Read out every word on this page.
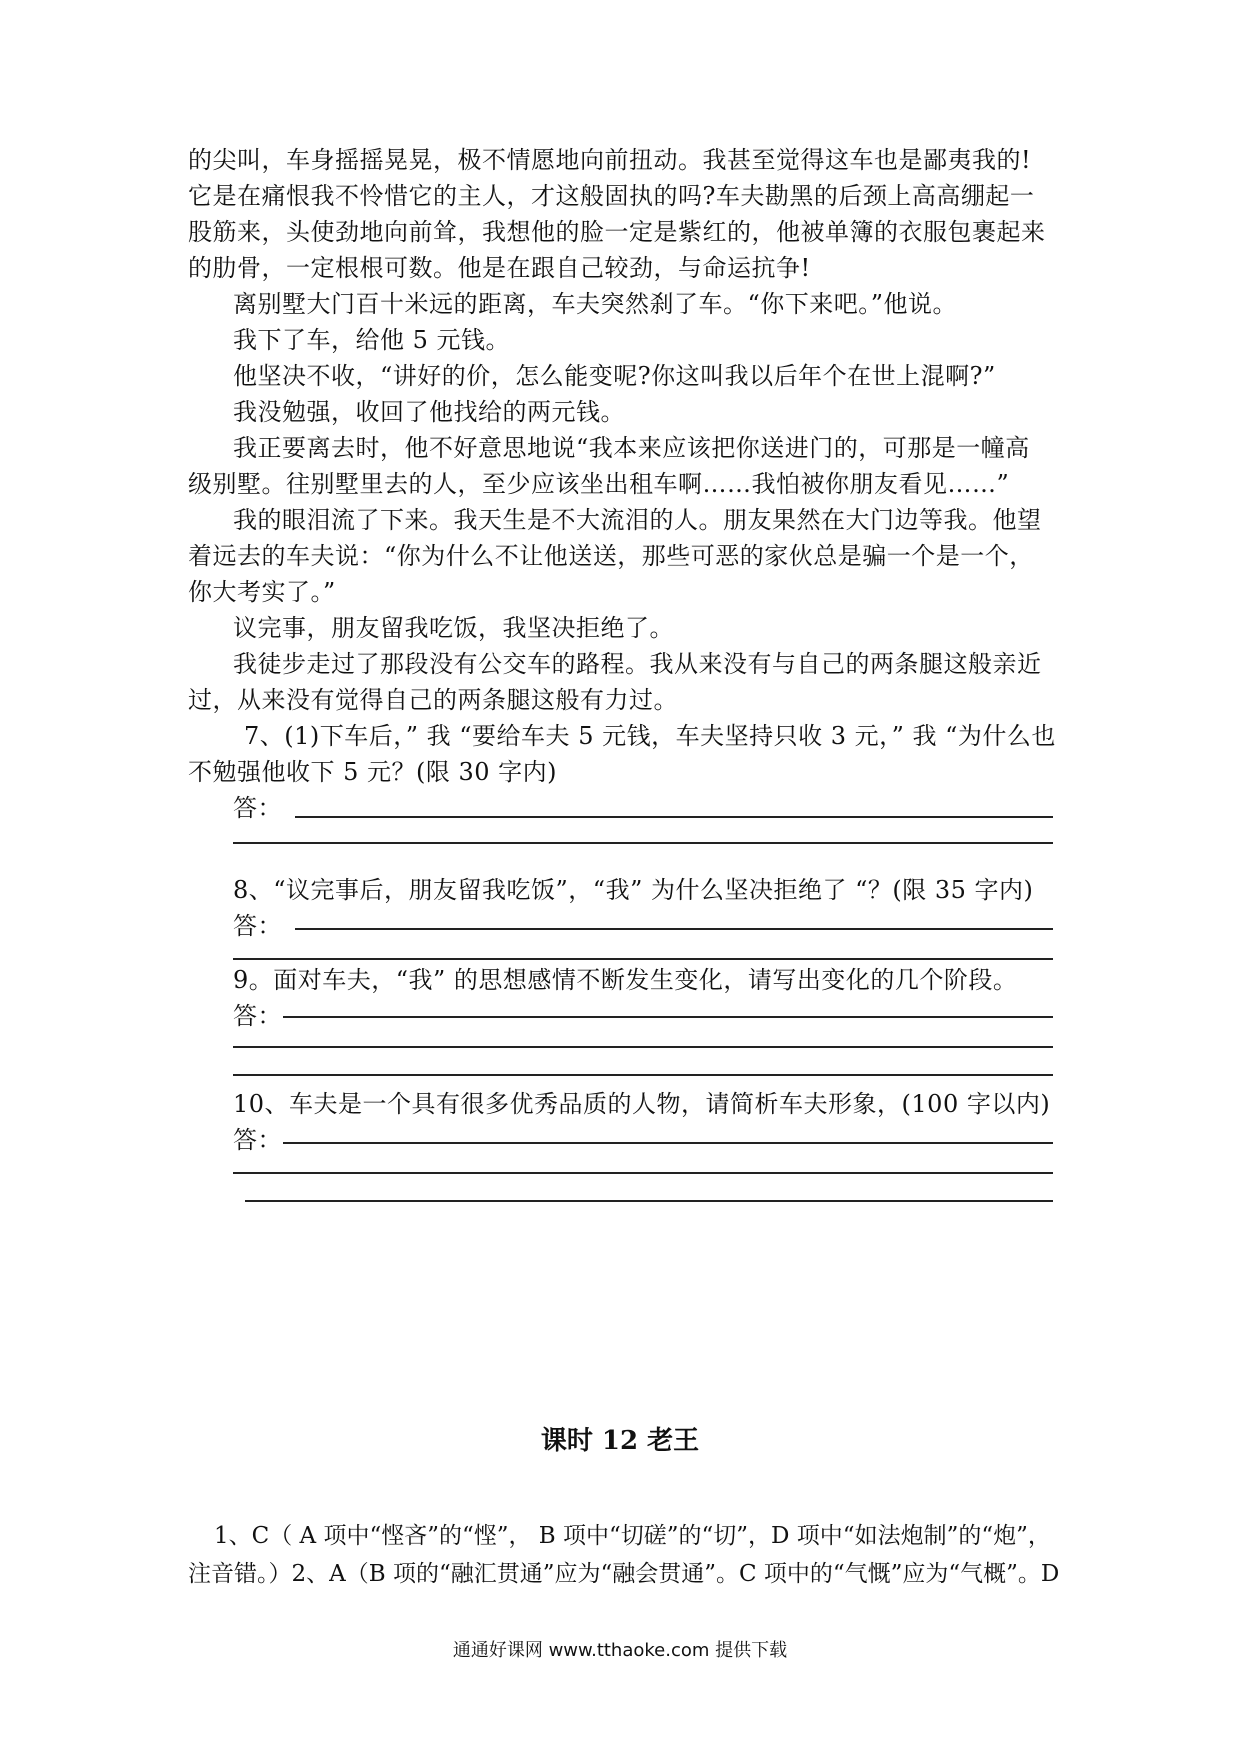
的尖叫，车身摇摇晃晃，极不情愿地向前扭动。我甚至觉得这车也是鄙夷我的!
它是在痛恨我不怜惜它的主人，才这般固执的吗?车夫勘黑的后颈上高高绷起一
股筋来，头使劲地向前耸，我想他的脸一定是紫红的，他被单簿的衣服包裹起来
的肋骨，一定根根可数。他是在跟自己较劲，与命运抗争!
离别墅大门百十米远的距离，车夫突然刹了车。“你下来吧。”他说。
我下了车，给他 5 元钱。
他坚决不收，“讲好的价，怎么能变呢?你这叫我以后年个在世上混啊?”
我没勉强，收回了他找给的两元钱。
我正要离去时，他不好意思地说“我本来应该把你送进门的，可那是一幢高
级别墅。往别墅里去的人，至少应该坐出租车啊……我怕被你朋友看见……”
我的眼泪流了下来。我天生是不大流泪的人。朋友果然在大门边等我。他望
着远去的车夫说：“你为什么不让他送送，那些可恶的家伙总是骗一个是一个，
你大考实了。”
议完事，朋友留我吃饭，我坚决拒绝了。
我徒步走过了那段没有公交车的路程。我从来没有与自己的两条腿这般亲近
过，从来没有觉得自己的两条腿这般有力过。
7、(1)下车后，” 我 “要给车夫 5 元钱，车夫坚持只收 3 元，” 我 “为什么也
不勉强他收下 5 元？(限 30 字内)
答：
8、“议完事后，朋友留我吃饭”，“我” 为什么坚决拒绝了 “？(限 35 字内)
答：
9。面对车夫，“我” 的思想感情不断发生变化，请写出变化的几个阶段。
答：
10、车夫是一个具有很多优秀品质的人物，请简析车夫形象，(100 字以内)
答：
课时 12 老王
1、C（ A 项中“悭吝”的“悭”， B 项中“切磋”的“切”，D 项中“如法炮制”的“炮”，
注音错。）2、A（B 项的“融汇贯通”应为“融会贯通”。C 项中的“气慨”应为“气概”。D
通通好课网 www.tthaoke.com 提供下载
